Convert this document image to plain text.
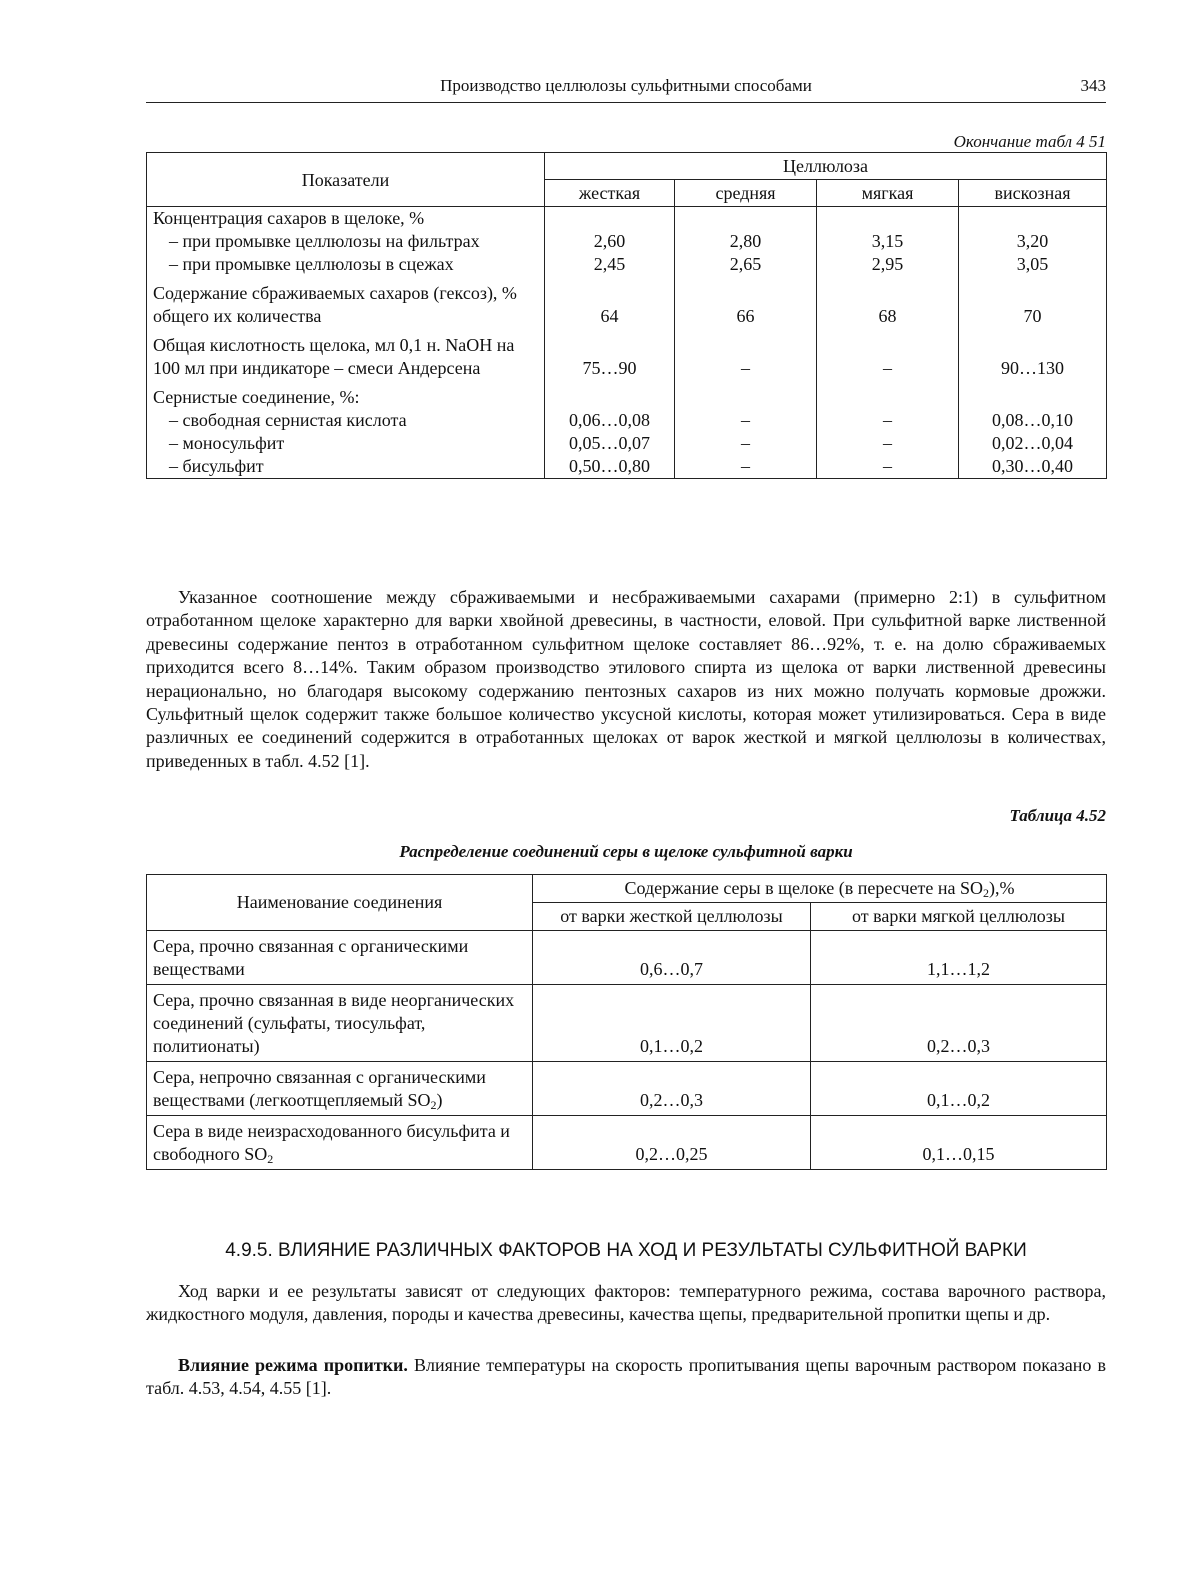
Производство целлюлозы сульфитными способами	343
Окончание табл 4 51
Показатели	Целлюлоза			
	жесткая	средняя	мягкая	вискозная
Концентрация сахаров в щелоке, %				
– при промывке целлюлозы на фильтрах	2,60	2,80	3,15	3,20
– при промывке целлюлозы в сцежах	2,45	2,65	2,95	3,05
Содержание сбраживаемых сахаров (гексоз), % общего их количества	64	66	68	70
Общая кислотность щелока, мл 0,1 н. NaOH на 100 мл при индикаторе – смеси Андерсена	75…90	–	–	90…130
Сернистые соединение, %:				
– свободная сернистая кислота	0,06…0,08	–	–	0,08…0,10
– моносульфит	0,05…0,07	–	–	0,02…0,04
– бисульфит	0,50…0,80	–	–	0,30…0,40
Указанное соотношение между сбраживаемыми и несбраживаемыми сахарами (примерно 2:1) в сульфитном отработанном щелоке характерно для варки хвойной древесины, в частности, еловой. При сульфитной варке лиственной древесины содержание пентоз в отработанном сульфитном щелоке составляет 86…92%, т. е. на долю сбраживаемых приходится всего 8…14%. Таким образом производство этилового спирта из щелока от варки лиственной древесины нерационально, но благодаря высокому содержанию пентозных сахаров из них можно получать кормовые дрожжи. Сульфитный щелок содержит также большое количество уксусной кислоты, которая может утилизироваться. Сера в виде различных ее соединений содержится в отработанных щелоках от варок жесткой и мягкой целлюлозы в количествах, приведенных в табл. 4.52 [1].
Таблица 4.52
Распределение соединений серы в щелоке сульфитной варки
Наименование соединения	Содержание серы в щелоке (в пересчете на $SO_2),\%$	
	от варки жесткой целлюлозы	от варки мягкой целлюлозы
Сера, прочно связанная с органическими веществами	0,6…0,7	1,1…1,2
Сера, прочно связанная в виде неорганических соединений (сульфаты, тиосульфат, политионаты)	0,1…0,2	0,2…0,3
Сера, непрочно связанная с органическими веществами (легкоотщепляемый $SO_2$)	0,2…0,3	0,1…0,2
Сера в виде неизрасходованного бисульфита и свободного $SO_2$	0,2…0,25	0,1…0,15
4.9.5. ВЛИЯНИЕ РАЗЛИЧНЫХ ФАКТОРОВ НА ХОД И РЕЗУЛЬТАТЫ СУЛЬФИТНОЙ ВАРКИ
Ход варки и ее результаты зависят от следующих факторов: температурного режима, состава варочного раствора, жидкостного модуля, давления, породы и качества древесины, качества щепы, предварительной пропитки щепы и др.
Влияние режима пропитки. Влияние температуры на скорость пропитывания щепы варочным раствором показано в табл. 4.53, 4.54, 4.55 [1].
